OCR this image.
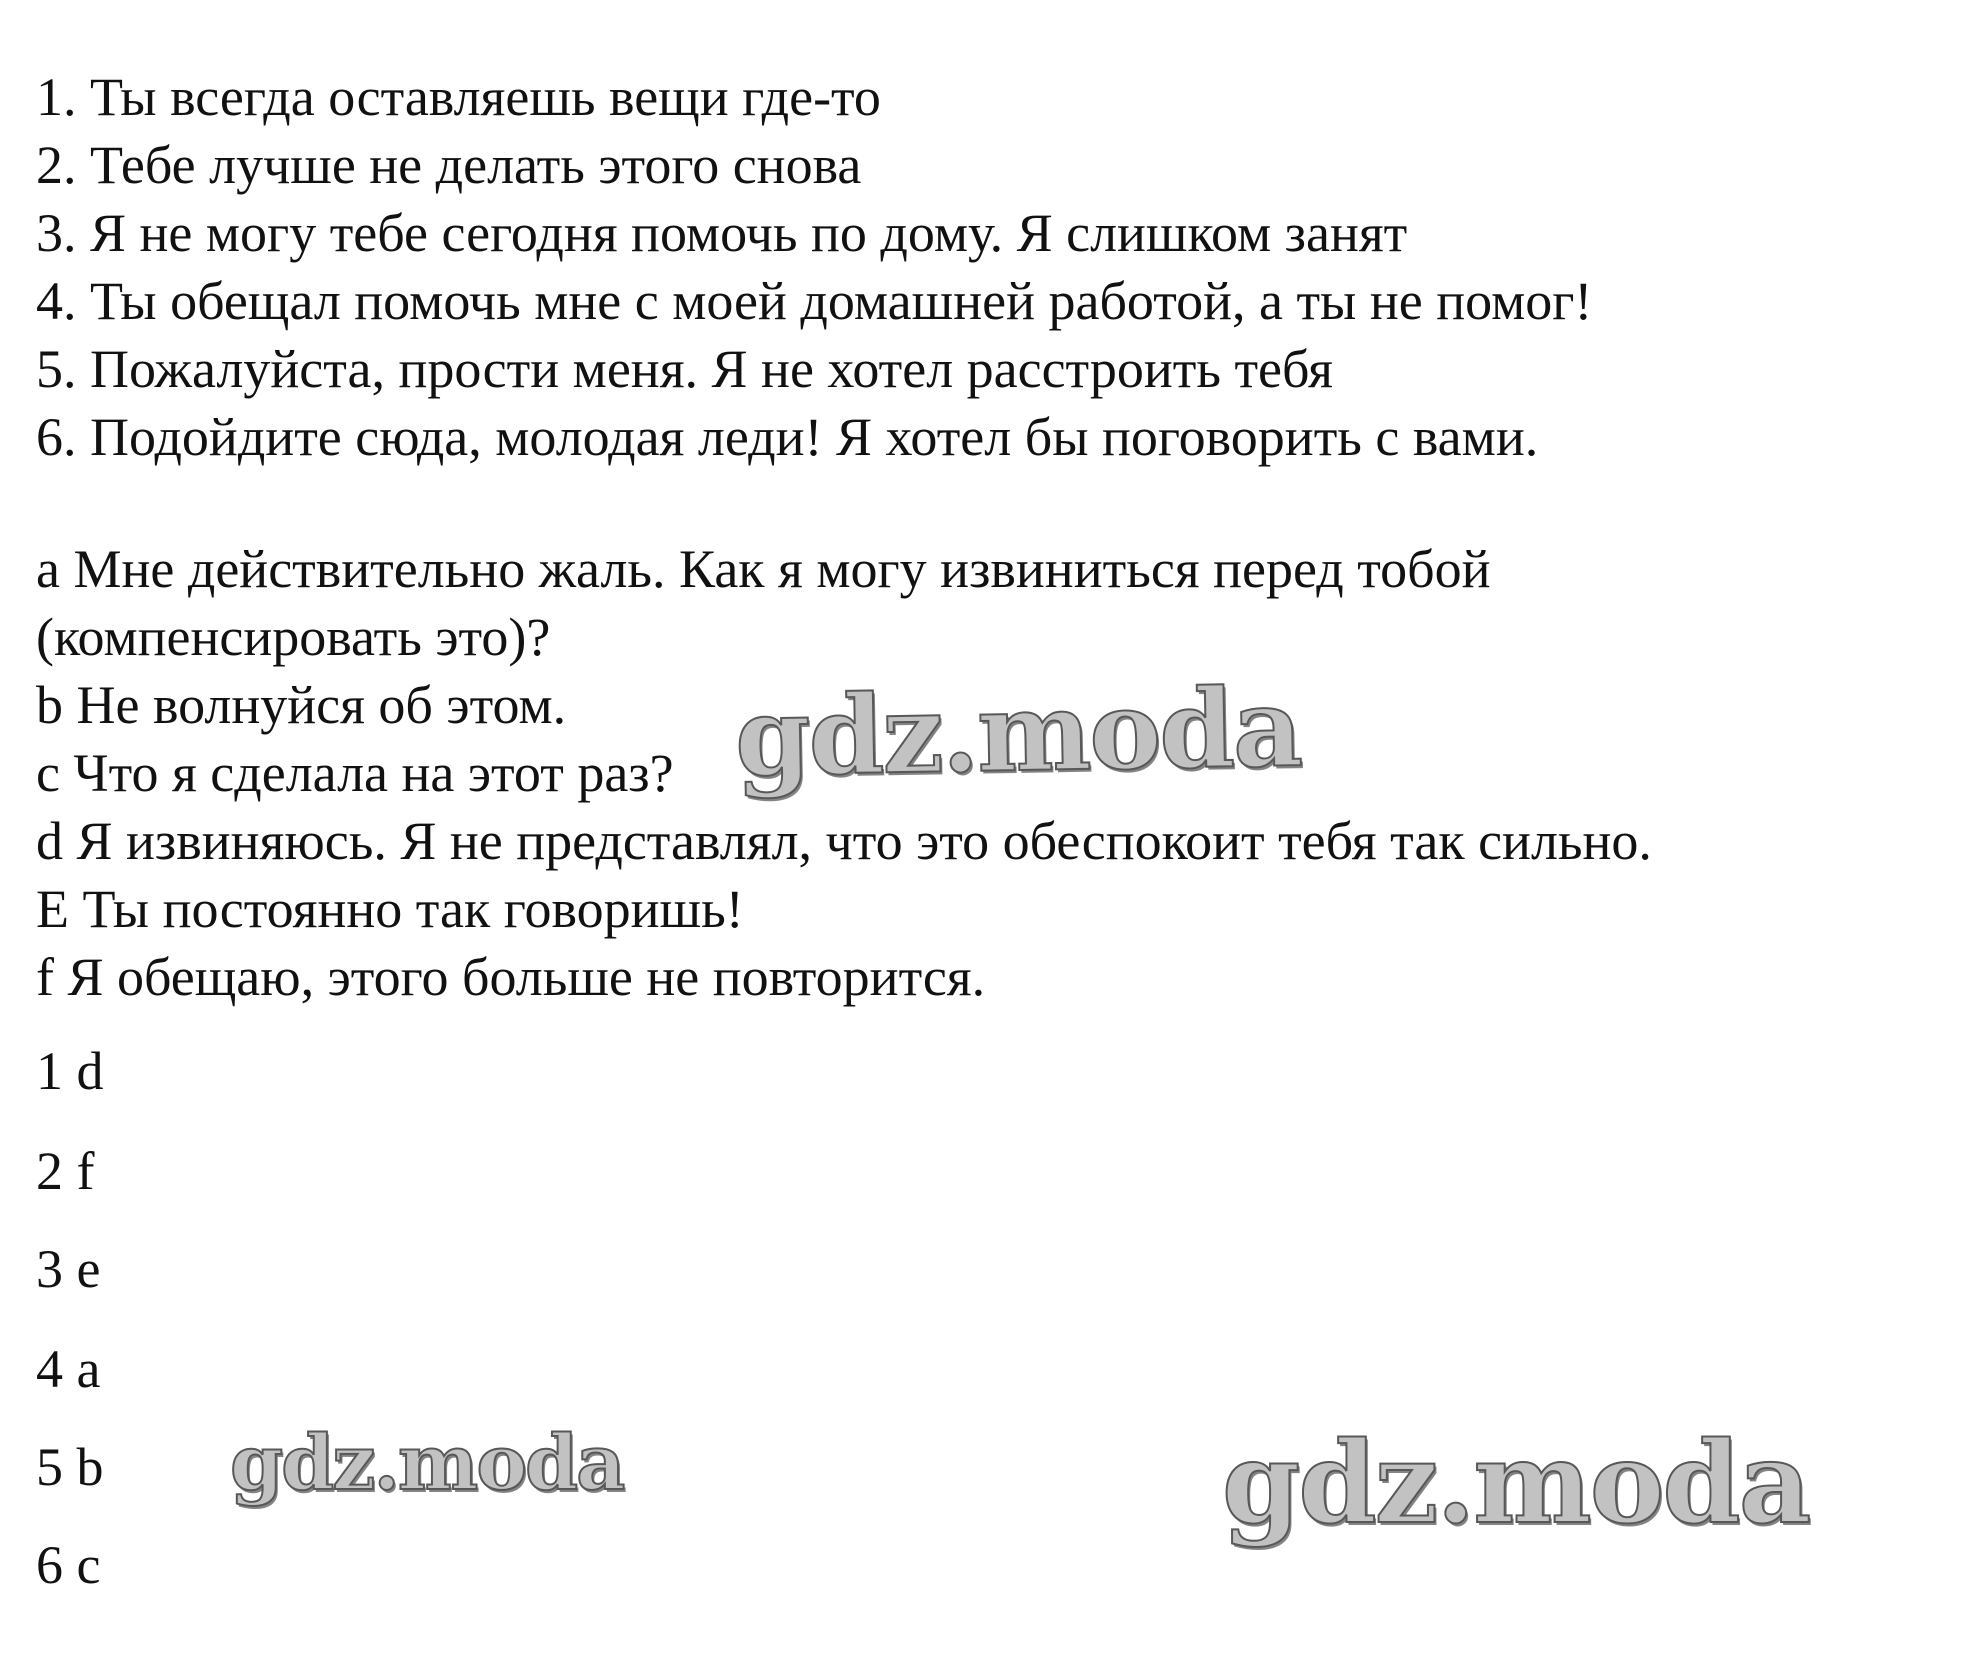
1. Ты всегда оставляешь вещи где-то
2. Тебе лучше не делать этого снова
3. Я не могу тебе сегодня помочь по дому. Я слишком занят
4. Ты обещал помочь мне с моей домашней работой, а ты не помог!
5. Пожалуйста, прости меня. Я не хотел расстроить тебя
6. Подойдите сюда, молодая леди! Я хотел бы поговорить с вами.
a Мне действительно жаль. Как я могу извиниться перед тобой
(компенсировать это)?
b Не волнуйся об этом.
c Что я сделала на этот раз?
d Я извиняюсь. Я не представлял, что это обеспокоит тебя так сильно.
E Ты постоянно так говоришь!
f Я обещаю, этого больше не повторится.
1 d
2 f
3 e
4 a
5 b
6 c
gdz.moda
gdz.moda	gdz.moda
